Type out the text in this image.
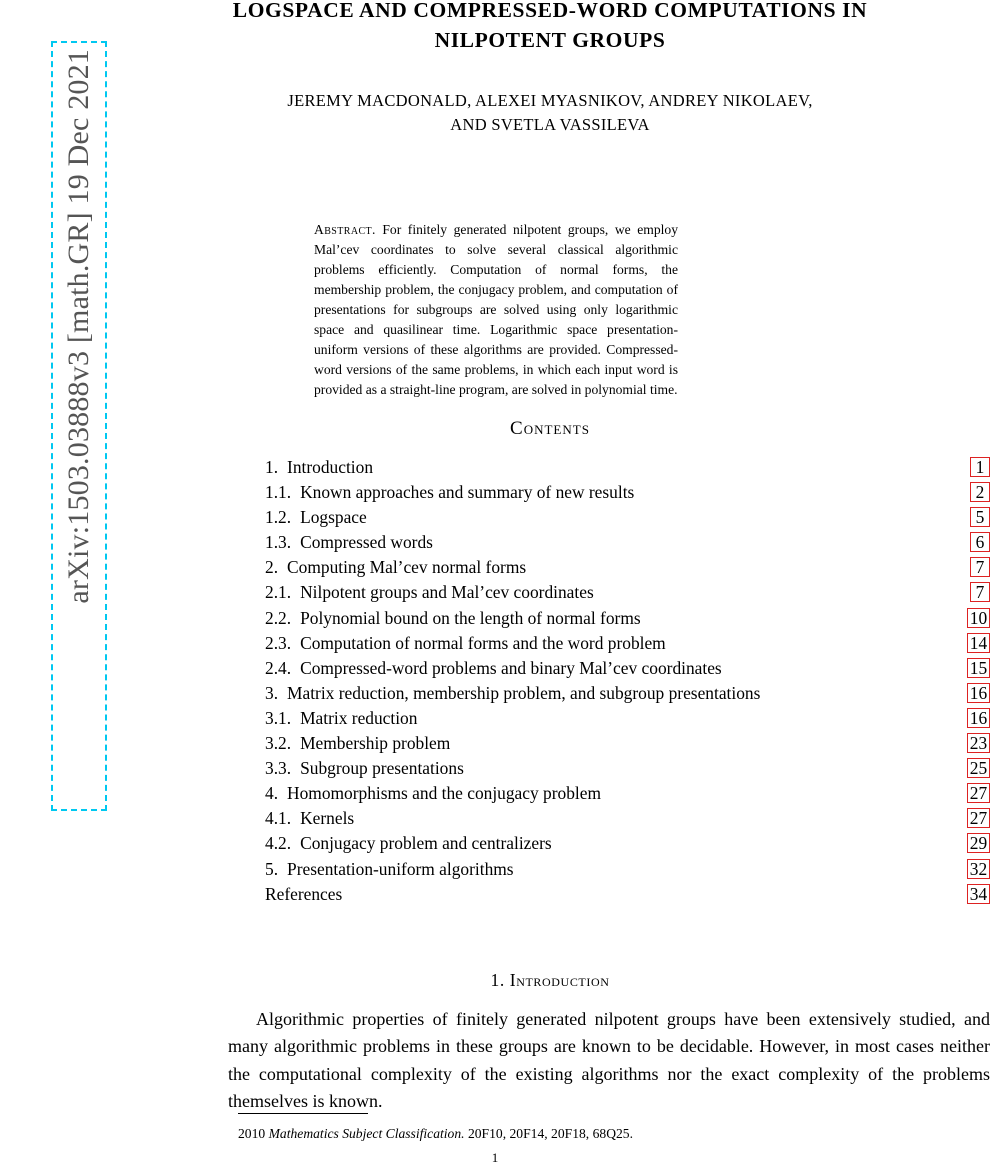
arXiv:1503.03888v3 [math.GR] 19 Dec 2021
LOGSPACE AND COMPRESSED-WORD COMPUTATIONS IN
NILPOTENT GROUPS
JEREMY MACDONALD, ALEXEI MYASNIKOV, ANDREY NIKOLAEV,
AND SVETLA VASSILEVA
Abstract. For finitely generated nilpotent groups, we employ Mal’cev coordinates to solve several classical algorithmic problems efficiently. Computation of normal forms, the membership problem, the conjugacy problem, and computation of presentations for subgroups are solved using only logarithmic space and quasilinear time. Logarithmic space presentation-uniform versions of these algorithms are provided. Compressed-word versions of the same problems, in which each input word is provided as a straight-line program, are solved in polynomial time.
Contents
1. Introduction	1
1.1. Known approaches and summary of new results	2
1.2. Logspace	5
1.3. Compressed words	6
2. Computing Mal’cev normal forms	7
2.1. Nilpotent groups and Mal’cev coordinates	7
2.2. Polynomial bound on the length of normal forms	10
2.3. Computation of normal forms and the word problem	14
2.4. Compressed-word problems and binary Mal’cev coordinates	15
3. Matrix reduction, membership problem, and subgroup presentations	16
3.1. Matrix reduction	16
3.2. Membership problem	23
3.3. Subgroup presentations	25
4. Homomorphisms and the conjugacy problem	27
4.1. Kernels	27
4.2. Conjugacy problem and centralizers	29
5. Presentation-uniform algorithms	32
References	34
1. Introduction
Algorithmic properties of finitely generated nilpotent groups have been extensively studied, and many algorithmic problems in these groups are known to be decidable. However, in most cases neither the computational complexity of the existing algorithms nor the exact complexity of the problems themselves is known.
2010 Mathematics Subject Classification. 20F10, 20F14, 20F18, 68Q25.
1
